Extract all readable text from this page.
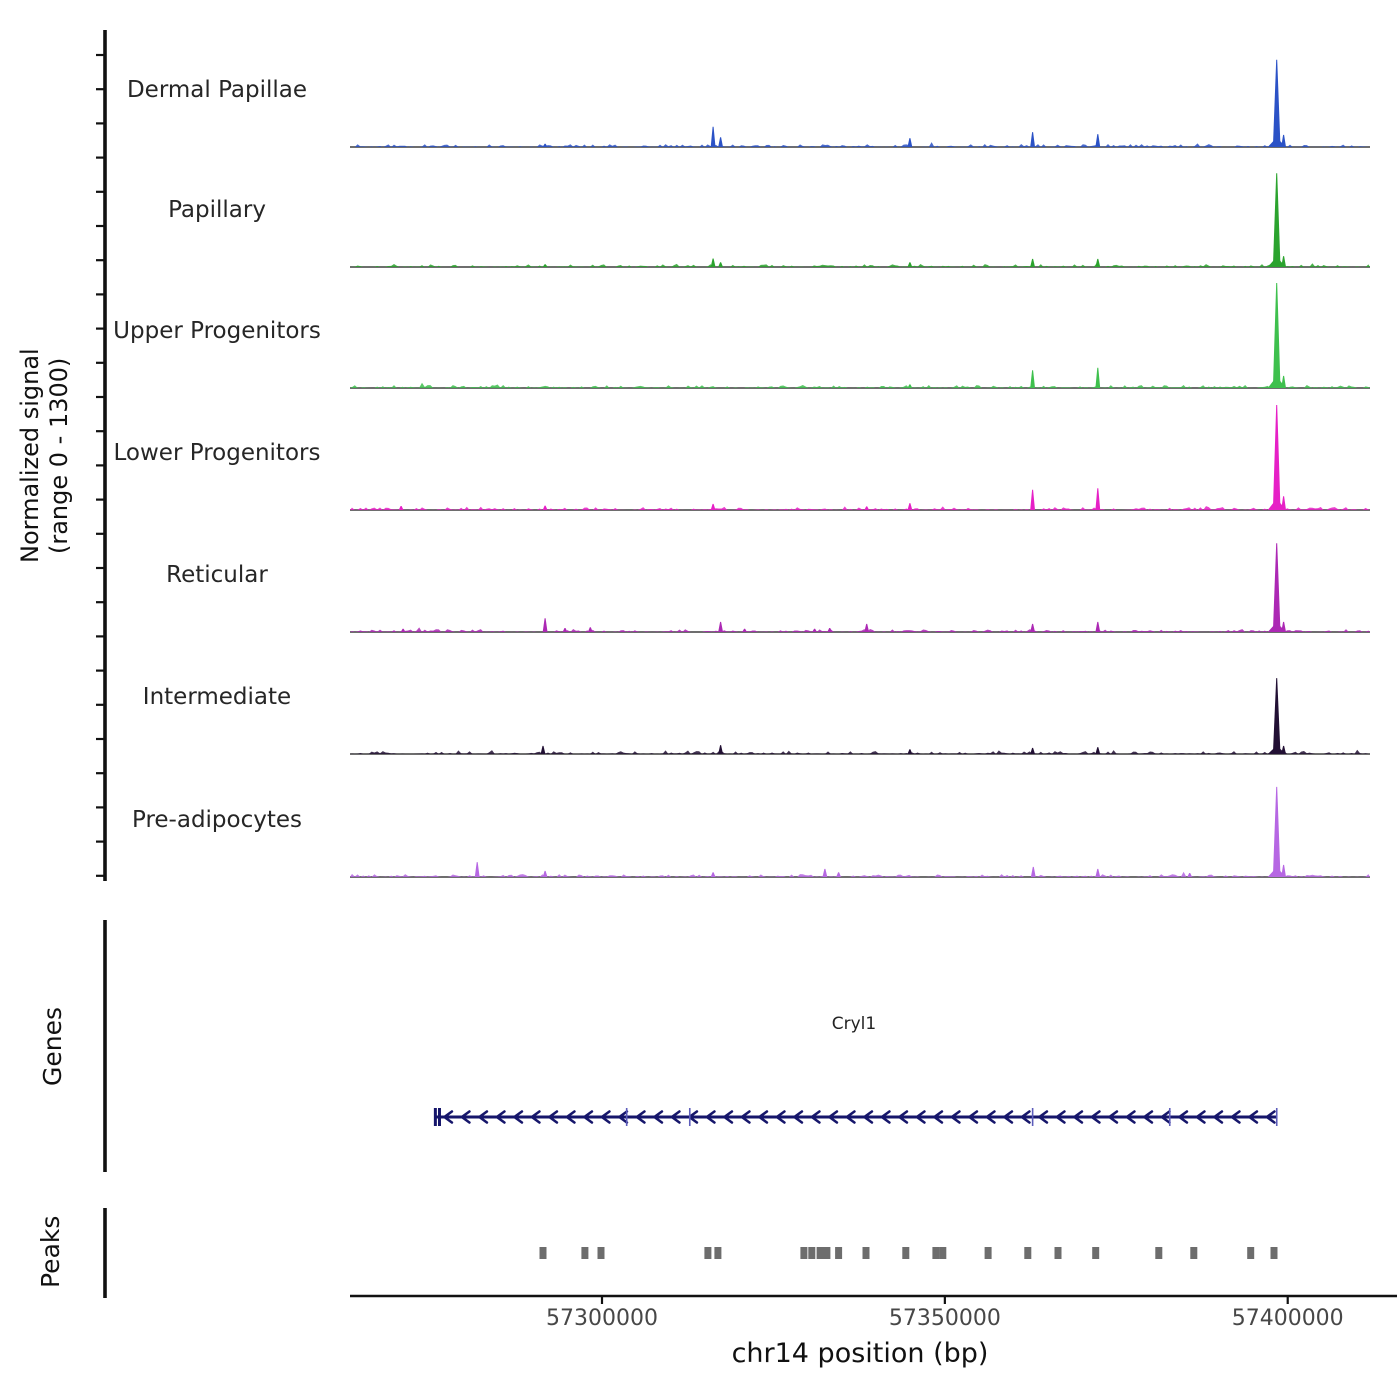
Normalized signal (range 0 - 1300)
Dermal Papillae
Papillary
Upper Progenitors
Lower Progenitors
Reticular
Intermediate
Pre-adipocytes
Genes	Cryl1
Peaks
57300000	57350000	57400000
chr14 position (bp)
